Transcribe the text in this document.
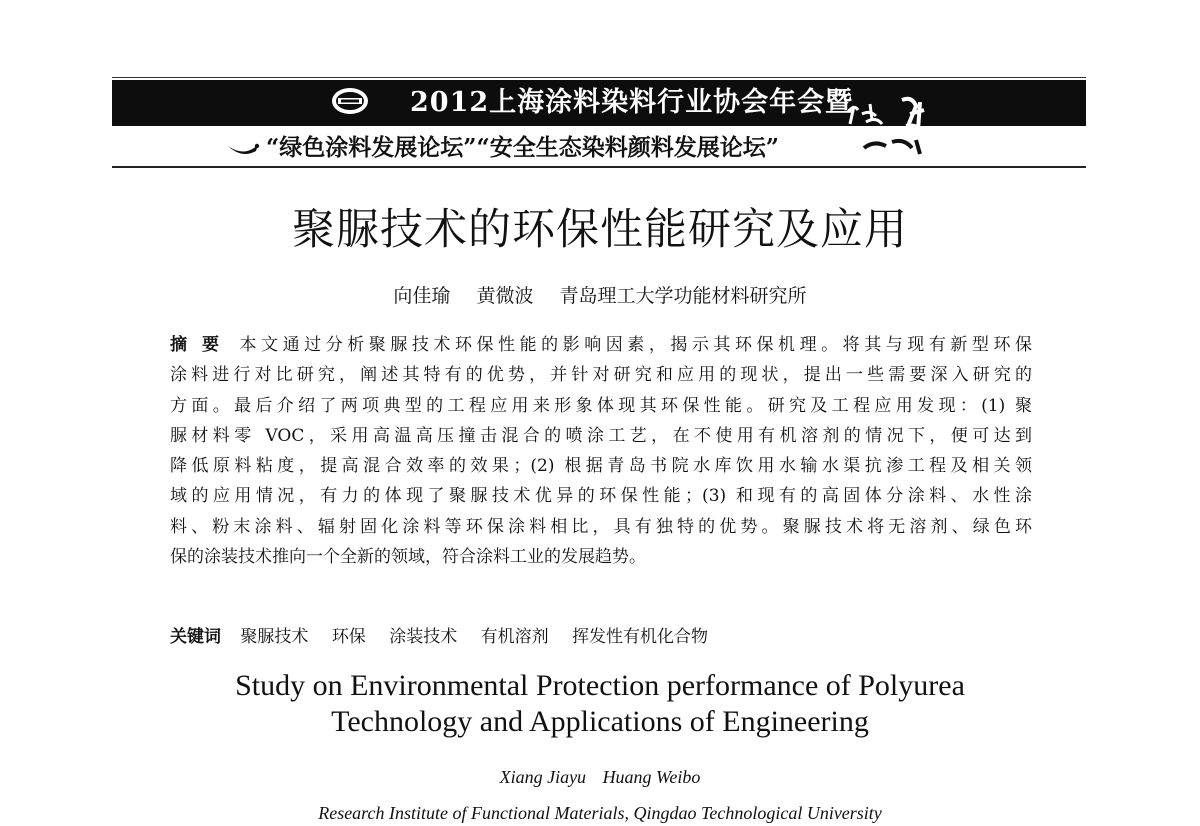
2012上海涂料染料行业协会年会暨
“绿色涂料发展论坛”“安全生态染料颜料发展论坛”
聚脲技术的环保性能研究及应用
向佳瑜 黄微波 青岛理工大学功能材料研究所
摘 要 本文通过分析聚脲技术环保性能的影响因素，揭示其环保机理。将其与现有新型环保
涂料进行对比研究，阐述其特有的优势，并针对研究和应用的现状，提出一些需要深入研究的
方面。最后介绍了两项典型的工程应用来形象体现其环保性能。研究及工程应用发现：(1) 聚
脲材料零 VOC，采用高温高压撞击混合的喷涂工艺，在不使用有机溶剂的情况下，便可达到
降低原料粘度，提高混合效率的效果；(2) 根据青岛书院水库饮用水输水渠抗渗工程及相关领
域的应用情况，有力的体现了聚脲技术优异的环保性能；(3) 和现有的高固体分涂料、水性涂
料、粉末涂料、辐射固化涂料等环保涂料相比，具有独特的优势。聚脲技术将无溶剂、绿色环
保的涂装技术推向一个全新的领域，符合涂料工业的发展趋势。
关键词 聚脲技术 环保 涂装技术 有机溶剂 挥发性有机化合物
Study on Environmental Protection performance of Polyurea
Technology and Applications of Engineering
Xiang Jiayu Huang Weibo
Research Institute of Functional Materials, Qingdao Technological University
